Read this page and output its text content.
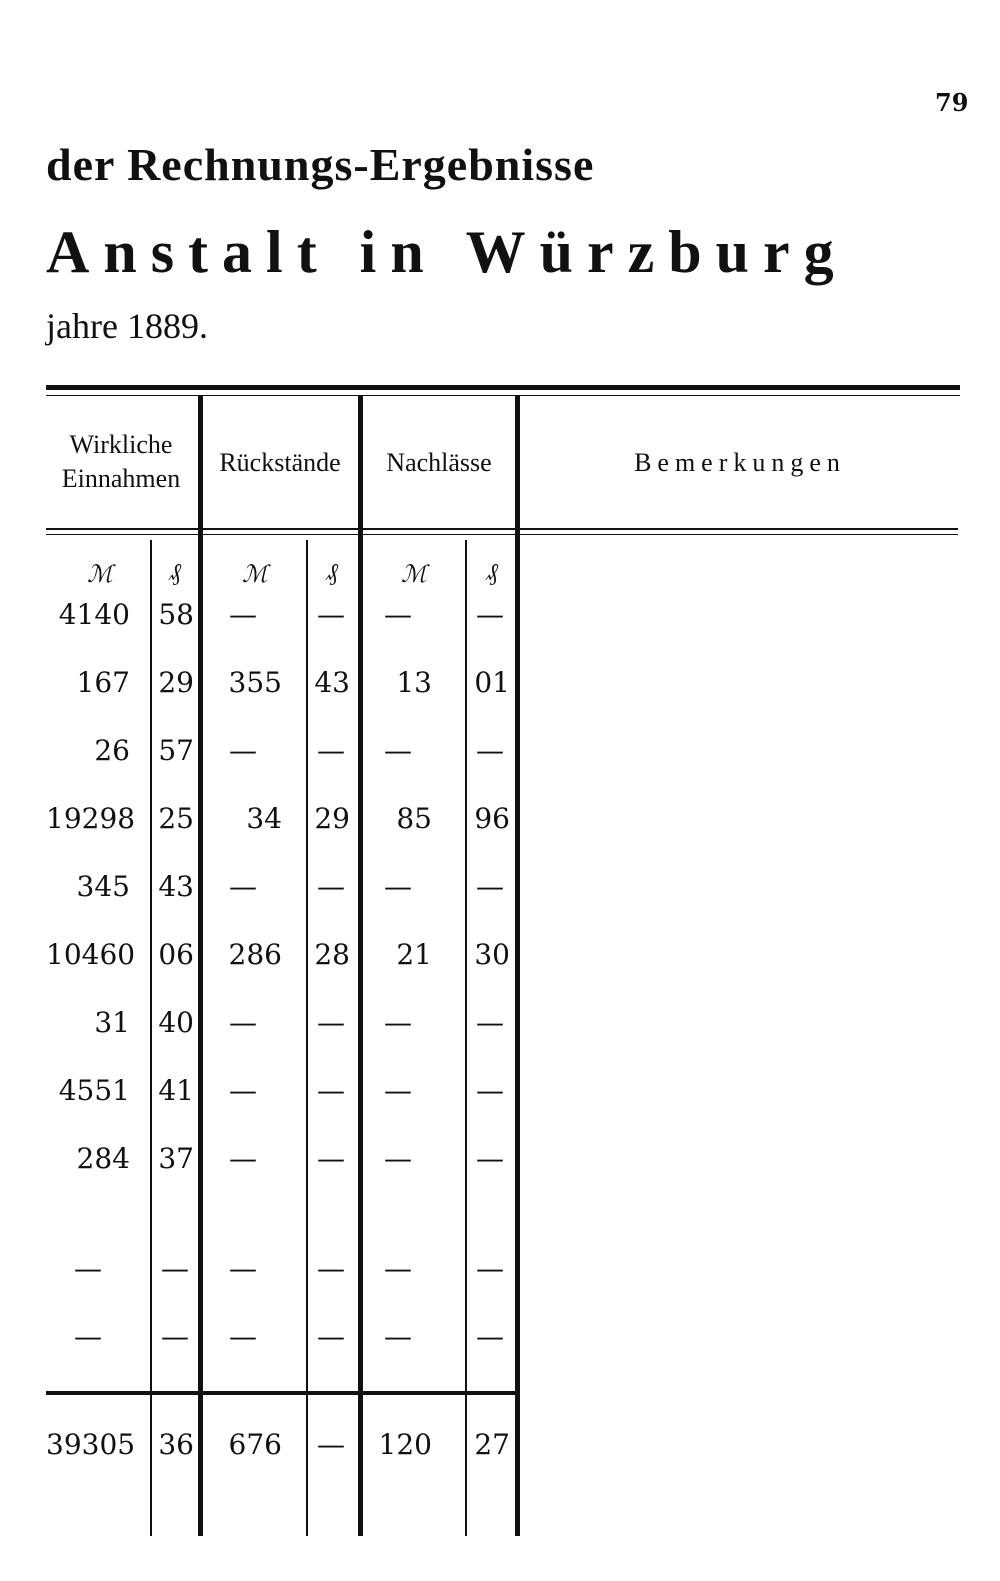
79
der Rechnungs-Ergebnisse
Anstalt in Würzburg
jahre 1889.
Wirkliche Einnahmen
Rückstände	Nachlässe	Bemerkungen
ℳ	₰	ℳ	₰	ℳ	₰
4140 58 — — — —
167 29	355 43	13 01
26 57 — — — —
19298 25	34 29	85 96
345 43 — — — —
10460 06	286 28	21 30
31 40 — — — —
4551 41 — — — —
284 37 — — — —
— — — — — —
— — — — — —
39305 36	676 —	120 27
